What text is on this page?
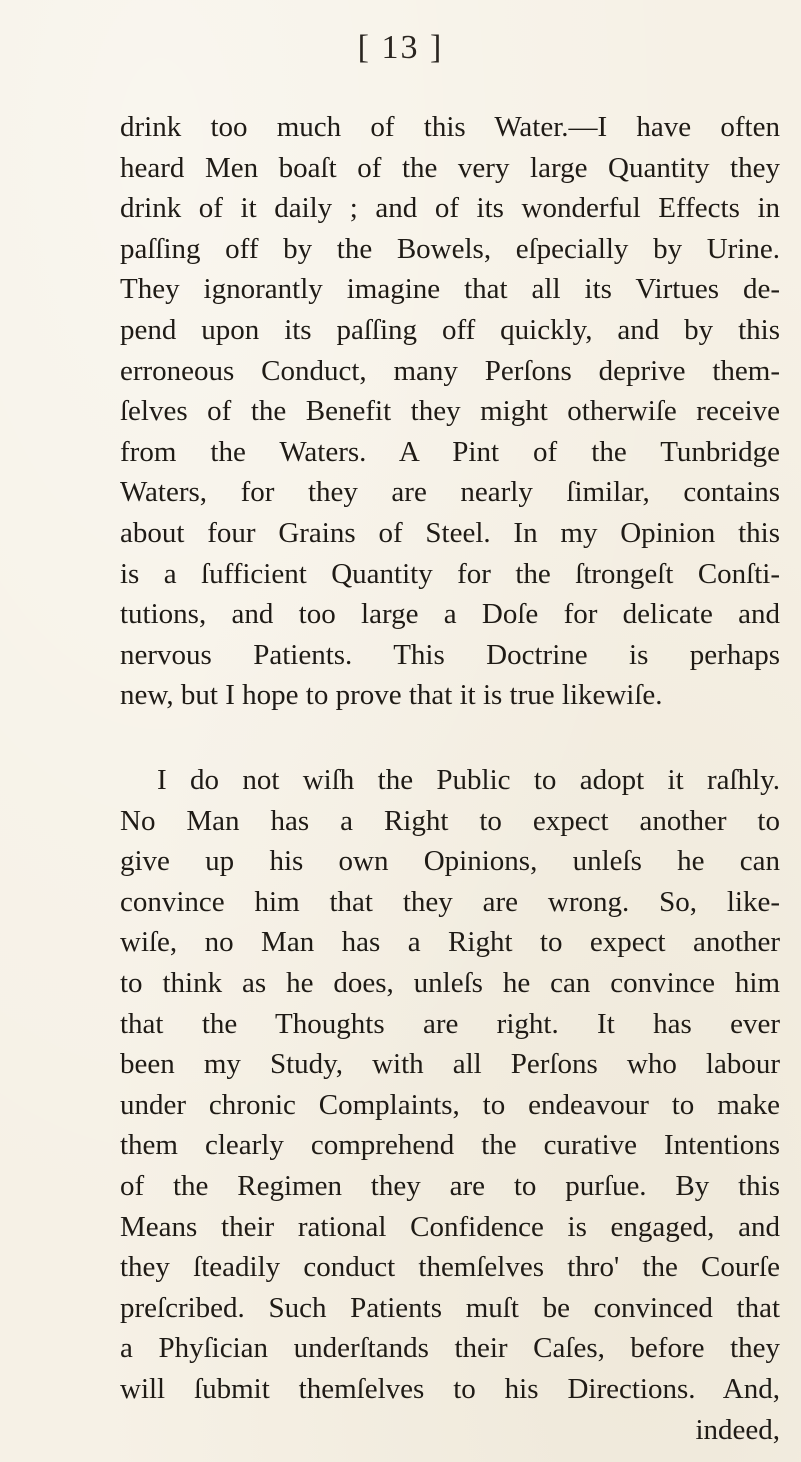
[ 13 ]
drink too much of this Water.—I have often
heard Men boaſt of the very large Quantity they
drink of it daily ; and of its wonderful Effects in
paſſing off by the Bowels, eſpecially by Urine.
They ignorantly imagine that all its Virtues de-
pend upon its paſſing off quickly, and by this
erroneous Conduct, many Perſons deprive them-
ſelves of the Benefit they might otherwiſe receive
from the Waters. A Pint of the Tunbridge
Waters, for they are nearly ſimilar, contains
about four Grains of Steel. In my Opinion this
is a ſufficient Quantity for the ſtrongeſt Conſti-
tutions, and too large a Doſe for delicate and
nervous Patients. This Doctrine is perhaps
new, but I hope to prove that it is true likewiſe.
I do not wiſh the Public to adopt it raſhly.
No Man has a Right to expect another to
give up his own Opinions, unleſs he can
convince him that they are wrong. So, like-
wiſe, no Man has a Right to expect another
to think as he does, unleſs he can convince him
that the Thoughts are right. It has ever
been my Study, with all Perſons who labour
under chronic Complaints, to endeavour to make
them clearly comprehend the curative Intentions
of the Regimen they are to purſue. By this
Means their rational Confidence is engaged, and
they ſteadily conduct themſelves thro' the Courſe
preſcribed. Such Patients muſt be convinced that
a Phyſician underſtands their Caſes, before they
will ſubmit themſelves to his Directions. And,
indeed,
